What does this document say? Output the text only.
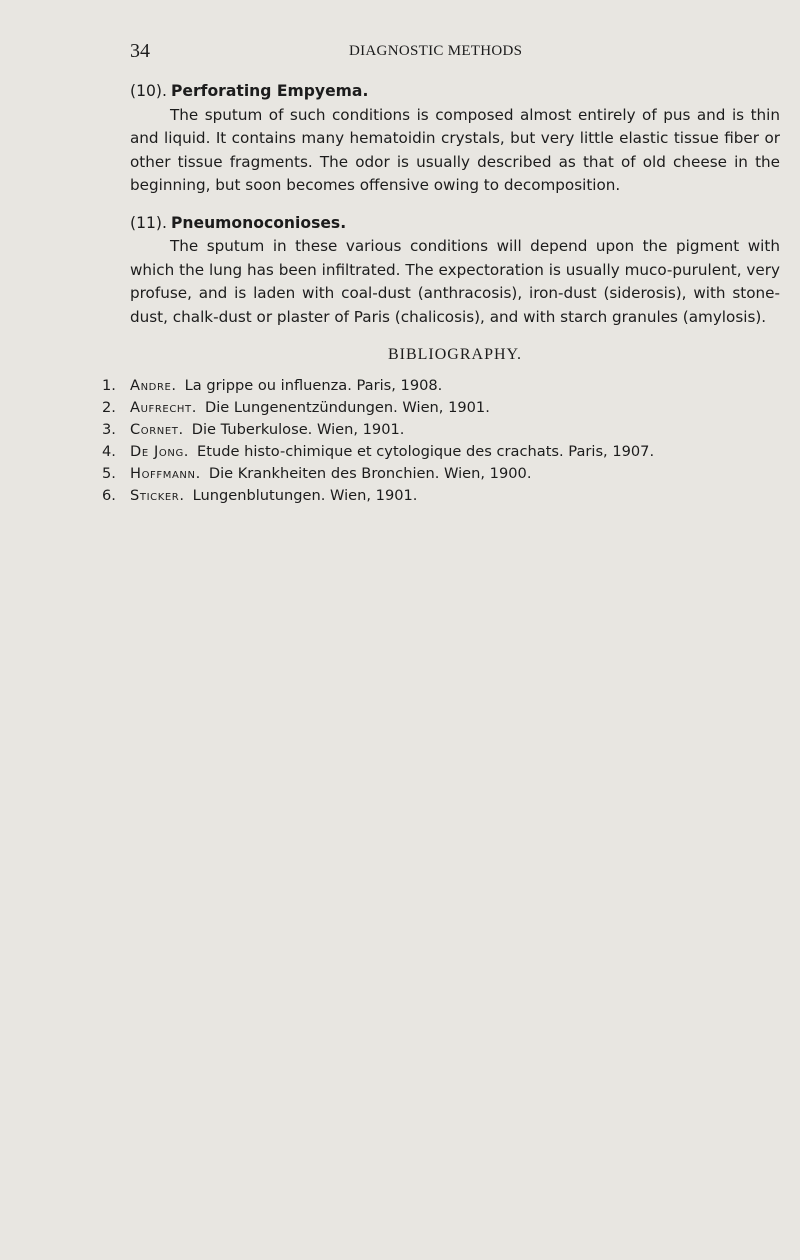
34	DIAGNOSTIC METHODS

(10). Perforating Empyema.

The sputum of such conditions is composed almost entirely of pus and is thin and liquid. It contains many hematoidin crystals, but very little elastic tissue fiber or other tissue fragments. The odor is usually described as that of old cheese in the beginning, but soon becomes offensive owing to decomposition.

(11). Pneumonoconioses.

The sputum in these various conditions will depend upon the pigment with which the lung has been infiltrated. The expectoration is usually muco-purulent, very profuse, and is laden with coal-dust (anthracosis), iron-dust (siderosis), with stone-dust, chalk-dust or plaster of Paris (chalicosis), and with starch granules (amylosis).

BIBLIOGRAPHY.
1. Andre. La grippe ou influenza. Paris, 1908.
2. Aufrecht. Die Lungenentzündungen. Wien, 1901.
3. Cornet. Die Tuberkulose. Wien, 1901.
4. De Jong. Etude histo-chimique et cytologique des crachats. Paris, 1907.
5. Hoffmann. Die Krankheiten des Bronchien. Wien, 1900.
6. Sticker. Lungenblutungen. Wien, 1901.
